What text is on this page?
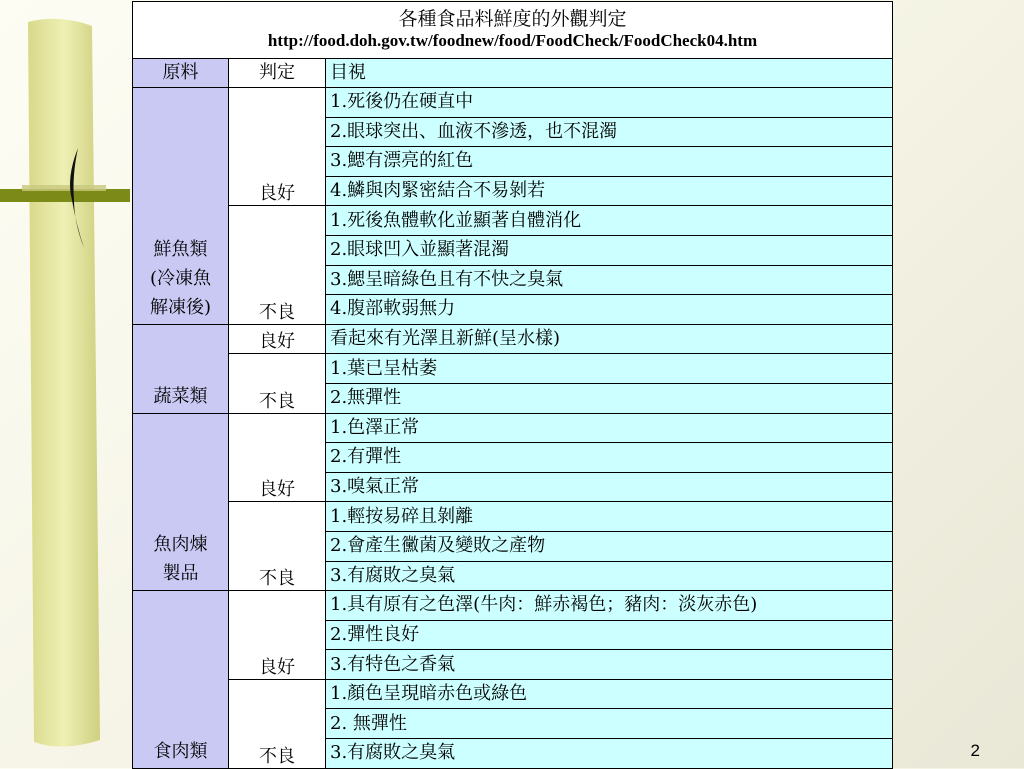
各種食品料鮮度的外觀判定
http://food.doh.gov.tw/foodnew/food/FoodCheck/FoodCheck04.htm		

原料	判定	目視

鮮魚類
(冷凍魚
解凍後)	良好	1.死後仍在硬直中
		2.眼球突出、血液不滲透，也不混濁
		3.鰓有漂亮的紅色
		4.鱗與肉緊密結合不易剝若
	不良	1.死後魚體軟化並顯著自體消化
		2.眼球凹入並顯著混濁
		3.鰓呈暗綠色且有不快之臭氣
		4.腹部軟弱無力

蔬菜類	良好	看起來有光澤且新鮮(呈水樣)
	不良	1.葉已呈枯萎
		2.無彈性

魚肉煉
製品	良好	1.色澤正常
		2.有彈性
		3.嗅氣正常
	不良	1.輕按易碎且剝離
		2.會產生黴菌及變敗之產物
		3.有腐敗之臭氣

食肉類	良好	1.具有原有之色澤(牛肉：鮮赤褐色；豬肉：淡灰赤色)
		2.彈性良好
		3.有特色之香氣
	不良	1.顏色呈現暗赤色或綠色
		2. 無彈性
		3.有腐敗之臭氣	2
